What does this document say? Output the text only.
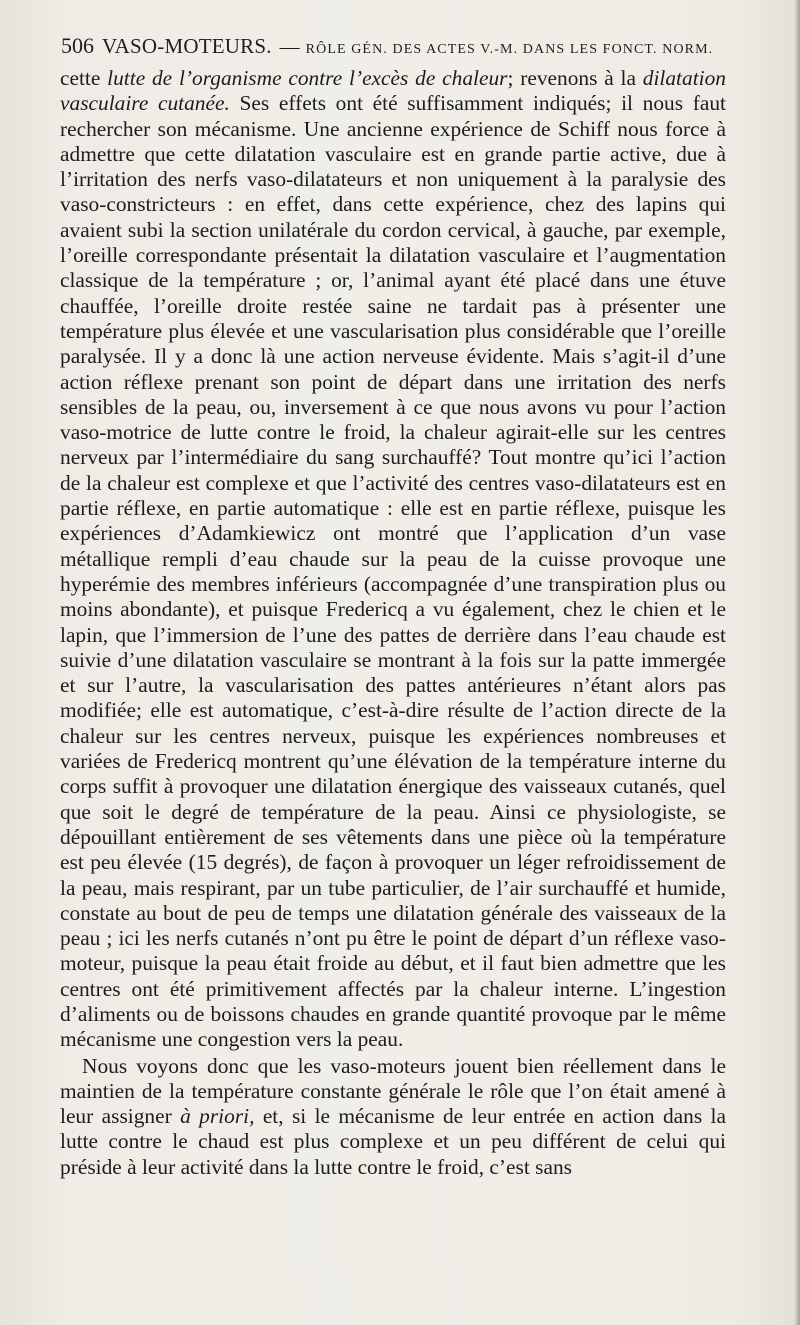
506 VASO-MOTEURS. — RÔLE GÉN. DES ACTES V.-M. DANS LES FONCT. NORM.

cette lutte de l’organisme contre l’excès de chaleur; revenons à la dilatation vasculaire cutanée. Ses effets ont été suffisamment indiqués; il nous faut rechercher son mécanisme. Une ancienne expérience de Schiff nous force à admettre que cette dilatation vasculaire est en grande partie active, due à l’irritation des nerfs vaso-dilatateurs et non uniquement à la paralysie des vaso-constricteurs : en effet, dans cette expérience, chez des lapins qui avaient subi la section unilatérale du cordon cervical, à gauche, par exemple, l’oreille correspondante présentait la dilatation vasculaire et l’augmentation classique de la température ; or, l’animal ayant été placé dans une étuve chauffée, l’oreille droite restée saine ne tardait pas à présenter une température plus élevée et une vascularisation plus considérable que l’oreille paralysée. Il y a donc là une action nerveuse évidente. Mais s’agit-il d’une action réflexe prenant son point de départ dans une irritation des nerfs sensibles de la peau, ou, inversement à ce que nous avons vu pour l’action vaso-motrice de lutte contre le froid, la chaleur agirait-elle sur les centres nerveux par l’intermédiaire du sang surchauffé? Tout montre qu’ici l’action de la chaleur est complexe et que l’activité des centres vaso-dilatateurs est en partie réflexe, en partie automatique : elle est en partie réflexe, puisque les expériences d’Adamkiewicz ont montré que l’application d’un vase métallique rempli d’eau chaude sur la peau de la cuisse provoque une hyperémie des membres inférieurs (accompagnée d’une transpiration plus ou moins abondante), et puisque Fredericq a vu également, chez le chien et le lapin, que l’immersion de l’une des pattes de derrière dans l’eau chaude est suivie d’une dilatation vasculaire se montrant à la fois sur la patte immergée et sur l’autre, la vascularisation des pattes antérieures n’étant alors pas modifiée; elle est automatique, c’est-à-dire résulte de l’action directe de la chaleur sur les centres nerveux, puisque les expériences nombreuses et variées de Fredericq montrent qu’une élévation de la température interne du corps suffit à provoquer une dilatation énergique des vaisseaux cutanés, quel que soit le degré de température de la peau. Ainsi ce physiologiste, se dépouillant entièrement de ses vêtements dans une pièce où la température est peu élevée (15 degrés), de façon à provoquer un léger refroidissement de la peau, mais respirant, par un tube particulier, de l’air surchauffé et humide, constate au bout de peu de temps une dilatation générale des vaisseaux de la peau ; ici les nerfs cutanés n’ont pu être le point de départ d’un réflexe vaso-moteur, puisque la peau était froide au début, et il faut bien admettre que les centres ont été primitivement affectés par la chaleur interne. L’ingestion d’aliments ou de boissons chaudes en grande quantité provoque par le même mécanisme une congestion vers la peau.

Nous voyons donc que les vaso-moteurs jouent bien réellement dans le maintien de la température constante générale le rôle que l’on était amené à leur assigner à priori, et, si le mécanisme de leur entrée en action dans la lutte contre le chaud est plus complexe et un peu différent de celui qui préside à leur activité dans la lutte contre le froid, c’est sans
